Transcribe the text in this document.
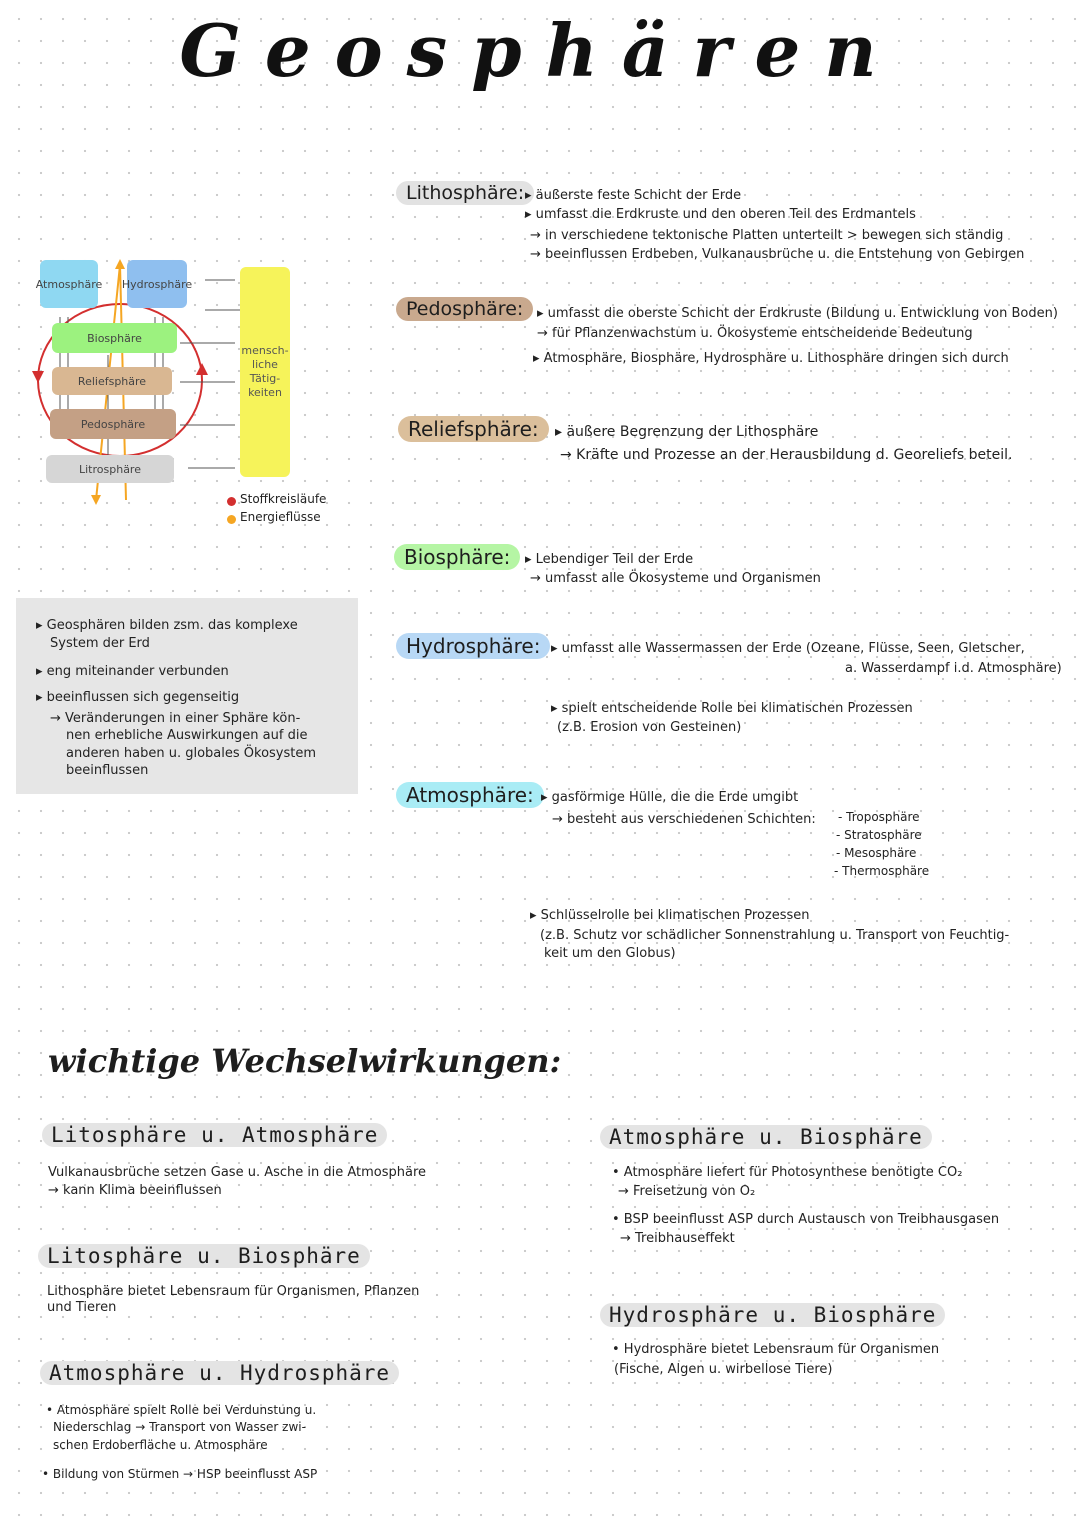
Geosphären
Atmosphäre Hydrosphäre
Biosphäre
Reliefsphäre
Pedosphäre
Litrosphäre
mensch-
liche
Tätig-
keiten
Stoffkreisläufe
Energieflüsse
▸ Geosphären bilden zsm. das komplexe
System der Erd
▸ eng miteinander verbunden
▸ beeinflussen sich gegenseitig
→ Veränderungen in einer Sphäre kön-
nen erhebliche Auswirkungen auf die
anderen haben u. globales Ökosystem
beeinflussen
Lithosphäre: ▸ äußerste feste Schicht der Erde
▸ umfasst die Erdkruste und den oberen Teil des Erdmantels
→ in verschiedene tektonische Platten unterteilt > bewegen sich ständig
→ beeinflussen Erdbeben, Vulkanausbrüche u. die Entstehung von Gebirgen
Pedosphäre:	▸ umfasst die oberste Schicht der Erdkruste (Bildung u. Entwicklung von Boden)
→ für Pflanzenwachstum u. Ökosysteme entscheidende Bedeutung
▸ Atmosphäre, Biosphäre, Hydrosphäre u. Lithosphäre dringen sich durch
Reliefsphäre:	▸ äußere Begrenzung der Lithosphäre
→ Kräfte und Prozesse an der Herausbildung d. Georeliefs beteil.
Biosphäre:	▸ Lebendiger Teil der Erde
→ umfasst alle Ökosysteme und Organismen
Hydrosphäre: ▸ umfasst alle Wassermassen der Erde (Ozeane, Flüsse, Seen, Gletscher,
a. Wasserdampf i.d. Atmosphäre)
▸ spielt entscheidende Rolle bei klimatischen Prozessen
(z.B. Erosion von Gesteinen)
Atmosphäre: ▸ gasförmige Hülle, die die Erde umgibt
→ besteht aus verschiedenen Schichten: - Troposphäre
- Stratosphäre
- Mesosphäre
- Thermosphäre
▸ Schlüsselrolle bei klimatischen Prozessen
(z.B. Schutz vor schädlicher Sonnenstrahlung u. Transport von Feuchtig-
keit um den Globus)
wichtige Wechselwirkungen:
Litosphäre u. Atmosphäre
Vulkanausbrüche setzen Gase u. Asche in die Atmosphäre
→ kann Klima beeinflussen
Litosphäre u. Biosphäre
Lithosphäre bietet Lebensraum für Organismen, Pflanzen
und Tieren
Atmosphäre u. Hydrosphäre
• Atmosphäre spielt Rolle bei Verdunstung u.
Niederschlag → Transport von Wasser zwi-
schen Erdoberfläche u. Atmosphäre
• Bildung von Stürmen → HSP beeinflusst ASP
Atmosphäre u. Biosphäre
• Atmosphäre liefert für Photosynthese benötigte CO₂
→ Freisetzung von O₂
• BSP beeinflusst ASP durch Austausch von Treibhausgasen
→ Treibhauseffekt
Hydrosphäre u. Biosphäre
• Hydrosphäre bietet Lebensraum für Organismen
(Fische, Algen u. wirbellose Tiere)
